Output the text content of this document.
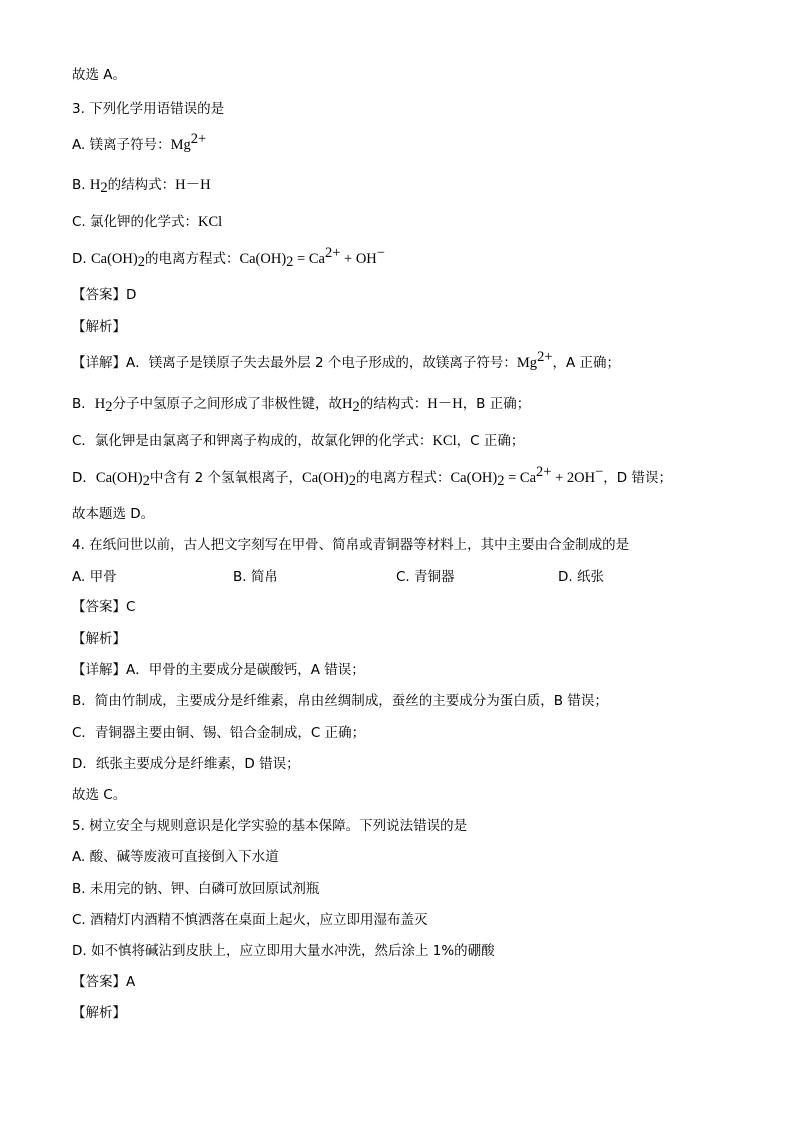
故选 A。
3. 下列化学用语错误的是
A. 镁离子符号：$Mg^{2+}$
B. $H_2$的结构式：H－H
C. 氯化钾的化学式：KCl
D. $Ca(OH)_2$的电离方程式：$Ca(OH)_2 = Ca^{2+} + OH^-$
【答案】D
【解析】
【详解】A．镁离子是镁原子失去最外层 2 个电子形成的，故镁离子符号：$Mg^{2+}$，A 正确；
B．$H_2$分子中氢原子之间形成了非极性键，故$H_2$的结构式：H－H，B 正确；
C．氯化钾是由氯离子和钾离子构成的，故氯化钾的化学式：KCl，C 正确；
D．$Ca(OH)_2$中含有 2 个氢氧根离子，$Ca(OH)_2$的电离方程式：$Ca(OH)_2 = Ca^{2+} + 2OH^-$，D 错误；
故本题选 D。
4. 在纸问世以前，古人把文字刻写在甲骨、简帛或青铜器等材料上，其中主要由合金制成的是
A. 甲骨	B. 简帛	C. 青铜器	D. 纸张
【答案】C
【解析】
【详解】A．甲骨的主要成分是碳酸钙，A 错误；
B．简由竹制成，主要成分是纤维素，帛由丝绸制成，蚕丝的主要成分为蛋白质，B 错误；
C．青铜器主要由铜、锡、铅合金制成，C 正确；
D．纸张主要成分是纤维素，D 错误；
故选 C。
5. 树立安全与规则意识是化学实验的基本保障。下列说法错误的是
A. 酸、碱等废液可直接倒入下水道
B. 未用完的钠、钾、白磷可放回原试剂瓶
C. 酒精灯内酒精不慎洒落在桌面上起火，应立即用湿布盖灭
D. 如不慎将碱沾到皮肤上，应立即用大量水冲洗，然后涂上 1%的硼酸
【答案】A
【解析】
